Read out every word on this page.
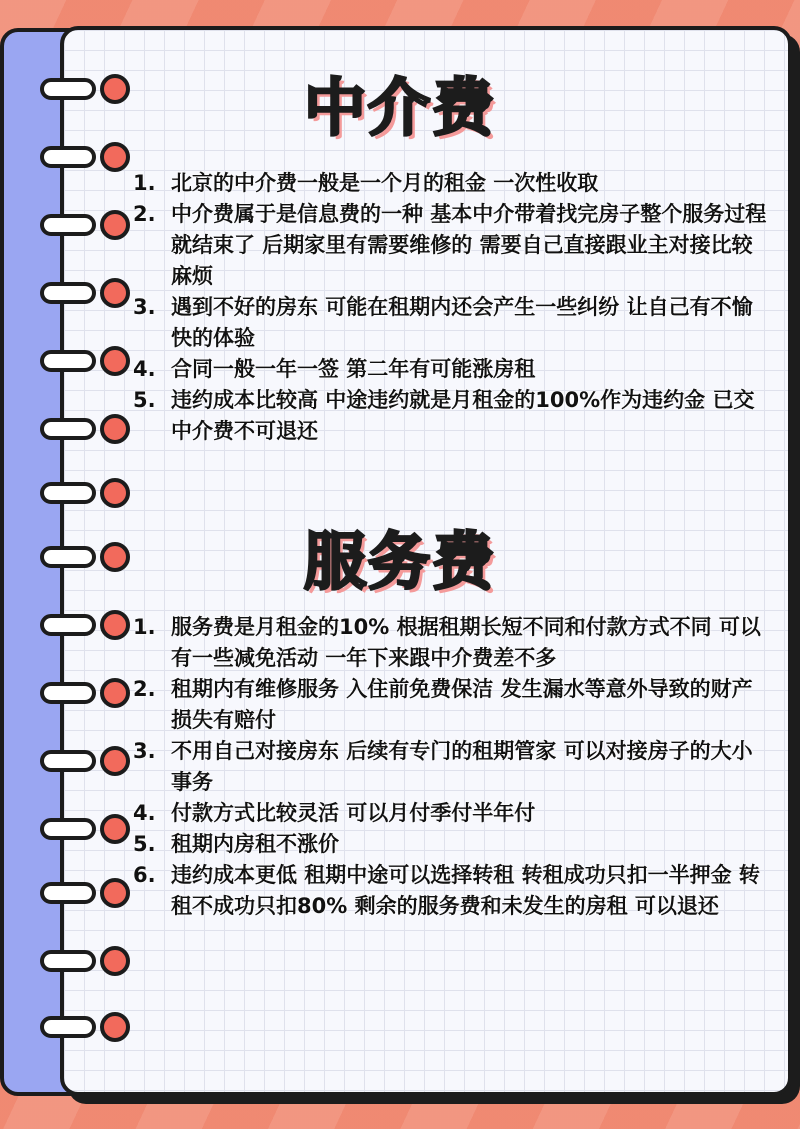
中介费
1. 北京的中介费一般是一个月的租金 一次性收取
2. 中介费属于是信息费的一种 基本中介带着找完房子整个服务过程就结束了 后期家里有需要维修的 需要自己直接跟业主对接比较麻烦
3. 遇到不好的房东 可能在租期内还会产生一些纠纷 让自己有不愉快的体验
4. 合同一般一年一签 第二年有可能涨房租
5. 违约成本比较高 中途违约就是月租金的100%作为违约金 已交中介费不可退还
服务费
1. 服务费是月租金的10% 根据租期长短不同和付款方式不同 可以有一些减免活动 一年下来跟中介费差不多
2. 租期内有维修服务 入住前免费保洁 发生漏水等意外导致的财产损失有赔付
3. 不用自己对接房东 后续有专门的租期管家 可以对接房子的大小事务
4. 付款方式比较灵活 可以月付季付半年付
5. 租期内房租不涨价
6. 违约成本更低 租期中途可以选择转租 转租成功只扣一半押金 转租不成功只扣80% 剩余的服务费和未发生的房租 可以退还
